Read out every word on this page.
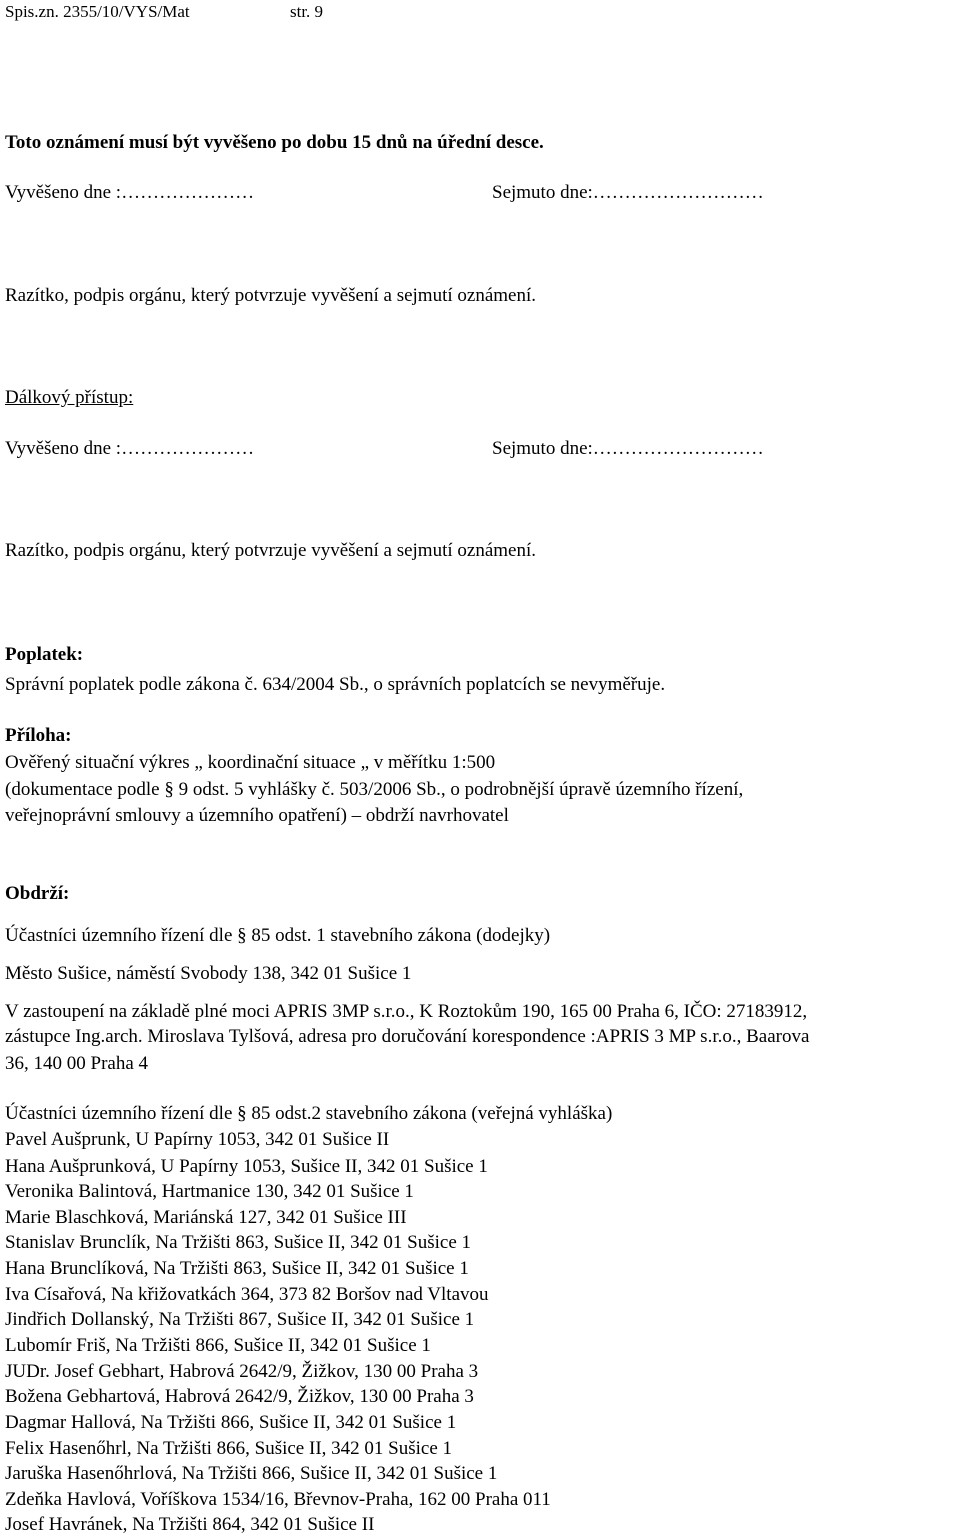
Spis.zn. 2355/10/VYS/Mat	str. 9
Toto oznámení musí být vyvěšeno po dobu 15 dnů na úřední desce.
Vyvěšeno dne :…………………	Sejmuto dne:………………………
Razítko, podpis orgánu, který potvrzuje vyvěšení a sejmutí oznámení.
Dálkový přístup:
Vyvěšeno dne :…………………	Sejmuto dne:………………………
Razítko, podpis orgánu, který potvrzuje vyvěšení a sejmutí oznámení.
Poplatek:
Správní poplatek podle zákona č. 634/2004 Sb., o správních poplatcích se nevyměřuje.
Příloha:
Ověřený situační výkres „ koordinační situace „ v měřítku 1:500
(dokumentace podle § 9 odst. 5 vyhlášky č. 503/2006 Sb., o podrobnější úpravě územního řízení,
veřejnoprávní smlouvy a územního opatření) – obdrží navrhovatel
Obdrží:
Účastníci územního řízení dle § 85 odst. 1 stavebního zákona (dodejky)
Město Sušice, náměstí Svobody 138, 342 01 Sušice 1
V zastoupení na základě plné moci APRIS 3MP s.r.o., K Roztokům 190, 165 00 Praha 6, IČO: 27183912,
zástupce Ing.arch. Miroslava Tylšová, adresa pro doručování korespondence :APRIS 3 MP s.r.o., Baarova
36, 140 00 Praha 4
Účastníci územního řízení dle § 85 odst.2 stavebního zákona (veřejná vyhláška)
Pavel Aušprunk, U Papírny 1053, 342 01 Sušice II
Hana Aušprunková, U Papírny 1053, Sušice II, 342 01 Sušice 1
Veronika Balintová, Hartmanice 130, 342 01 Sušice 1
Marie Blaschková, Mariánská 127, 342 01 Sušice III
Stanislav Brunclík, Na Tržišti 863, Sušice II, 342 01 Sušice 1
Hana Brunclíková, Na Tržišti 863, Sušice II, 342 01 Sušice 1
Iva Císařová, Na křižovatkách 364, 373 82 Boršov nad Vltavou
Jindřich Dollanský, Na Tržišti 867, Sušice II, 342 01 Sušice 1
Lubomír Friš, Na Tržišti 866, Sušice II, 342 01 Sušice 1
JUDr. Josef Gebhart, Habrová 2642/9, Žižkov, 130 00 Praha 3
Božena Gebhartová, Habrová 2642/9, Žižkov, 130 00 Praha 3
Dagmar Hallová, Na Tržišti 866, Sušice II, 342 01 Sušice 1
Felix Hasenőhrl, Na Tržišti 866, Sušice II, 342 01 Sušice 1
Jaruška Hasenőhrlová, Na Tržišti 866, Sušice II, 342 01 Sušice 1
Zdeňka Havlová, Voříškova 1534/16, Břevnov-Praha, 162 00 Praha 011
Josef Havránek, Na Tržišti 864, 342 01 Sušice II
